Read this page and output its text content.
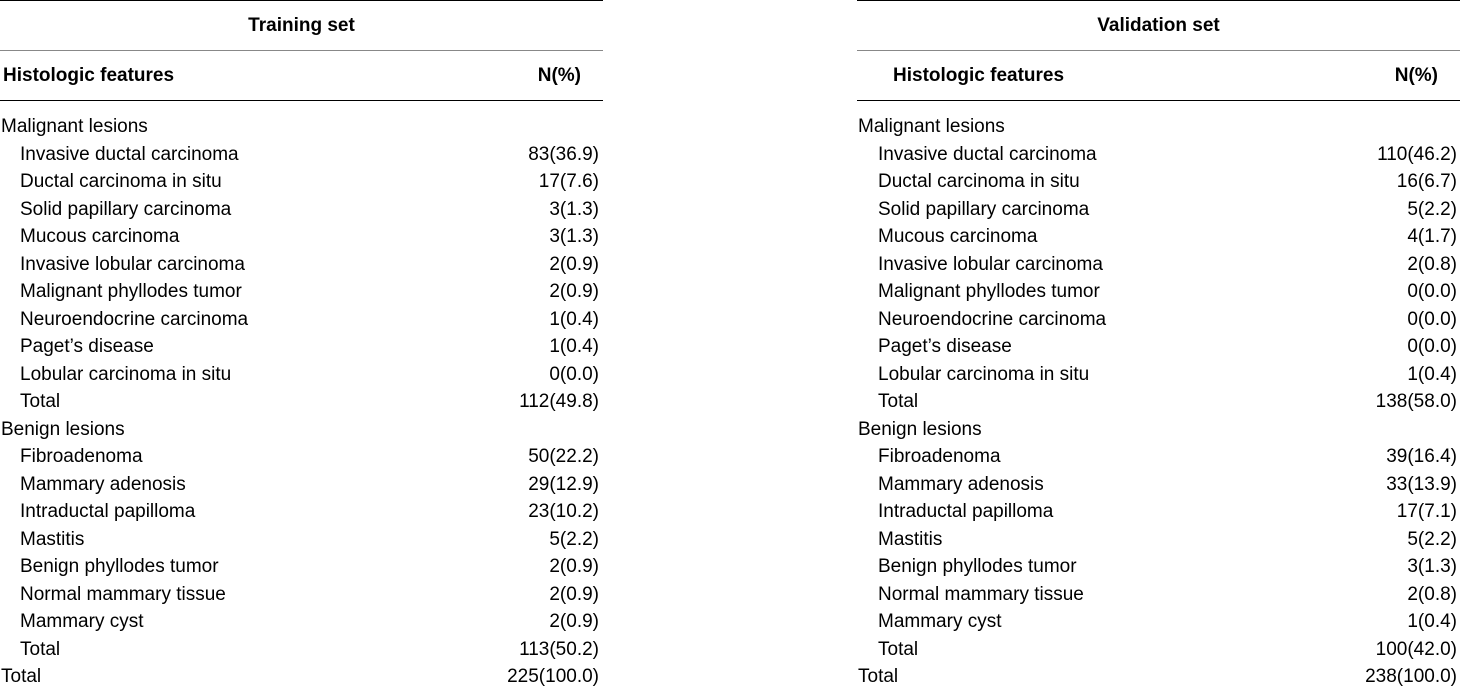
Training set
Histologic features	N(%)
Malignant lesions
Invasive ductal carcinoma	83(36.9)
Ductal carcinoma in situ	17(7.6)
Solid papillary carcinoma	3(1.3)
Mucous carcinoma	3(1.3)
Invasive lobular carcinoma	2(0.9)
Malignant phyllodes tumor	2(0.9)
Neuroendocrine carcinoma	1(0.4)
Paget’s disease	1(0.4)
Lobular carcinoma in situ	0(0.0)
Total	112(49.8)
Benign lesions
Fibroadenoma	50(22.2)
Mammary adenosis	29(12.9)
Intraductal papilloma	23(10.2)
Mastitis	5(2.2)
Benign phyllodes tumor	2(0.9)
Normal mammary tissue	2(0.9)
Mammary cyst	2(0.9)
Total	113(50.2)
Total	225(100.0)
Validation set
Histologic features	N(%)
Malignant lesions
Invasive ductal carcinoma	110(46.2)
Ductal carcinoma in situ	16(6.7)
Solid papillary carcinoma	5(2.2)
Mucous carcinoma	4(1.7)
Invasive lobular carcinoma	2(0.8)
Malignant phyllodes tumor	0(0.0)
Neuroendocrine carcinoma	0(0.0)
Paget’s disease	0(0.0)
Lobular carcinoma in situ	1(0.4)
Total	138(58.0)
Benign lesions
Fibroadenoma	39(16.4)
Mammary adenosis	33(13.9)
Intraductal papilloma	17(7.1)
Mastitis	5(2.2)
Benign phyllodes tumor	3(1.3)
Normal mammary tissue	2(0.8)
Mammary cyst	1(0.4)
Total	100(42.0)
Total	238(100.0)
